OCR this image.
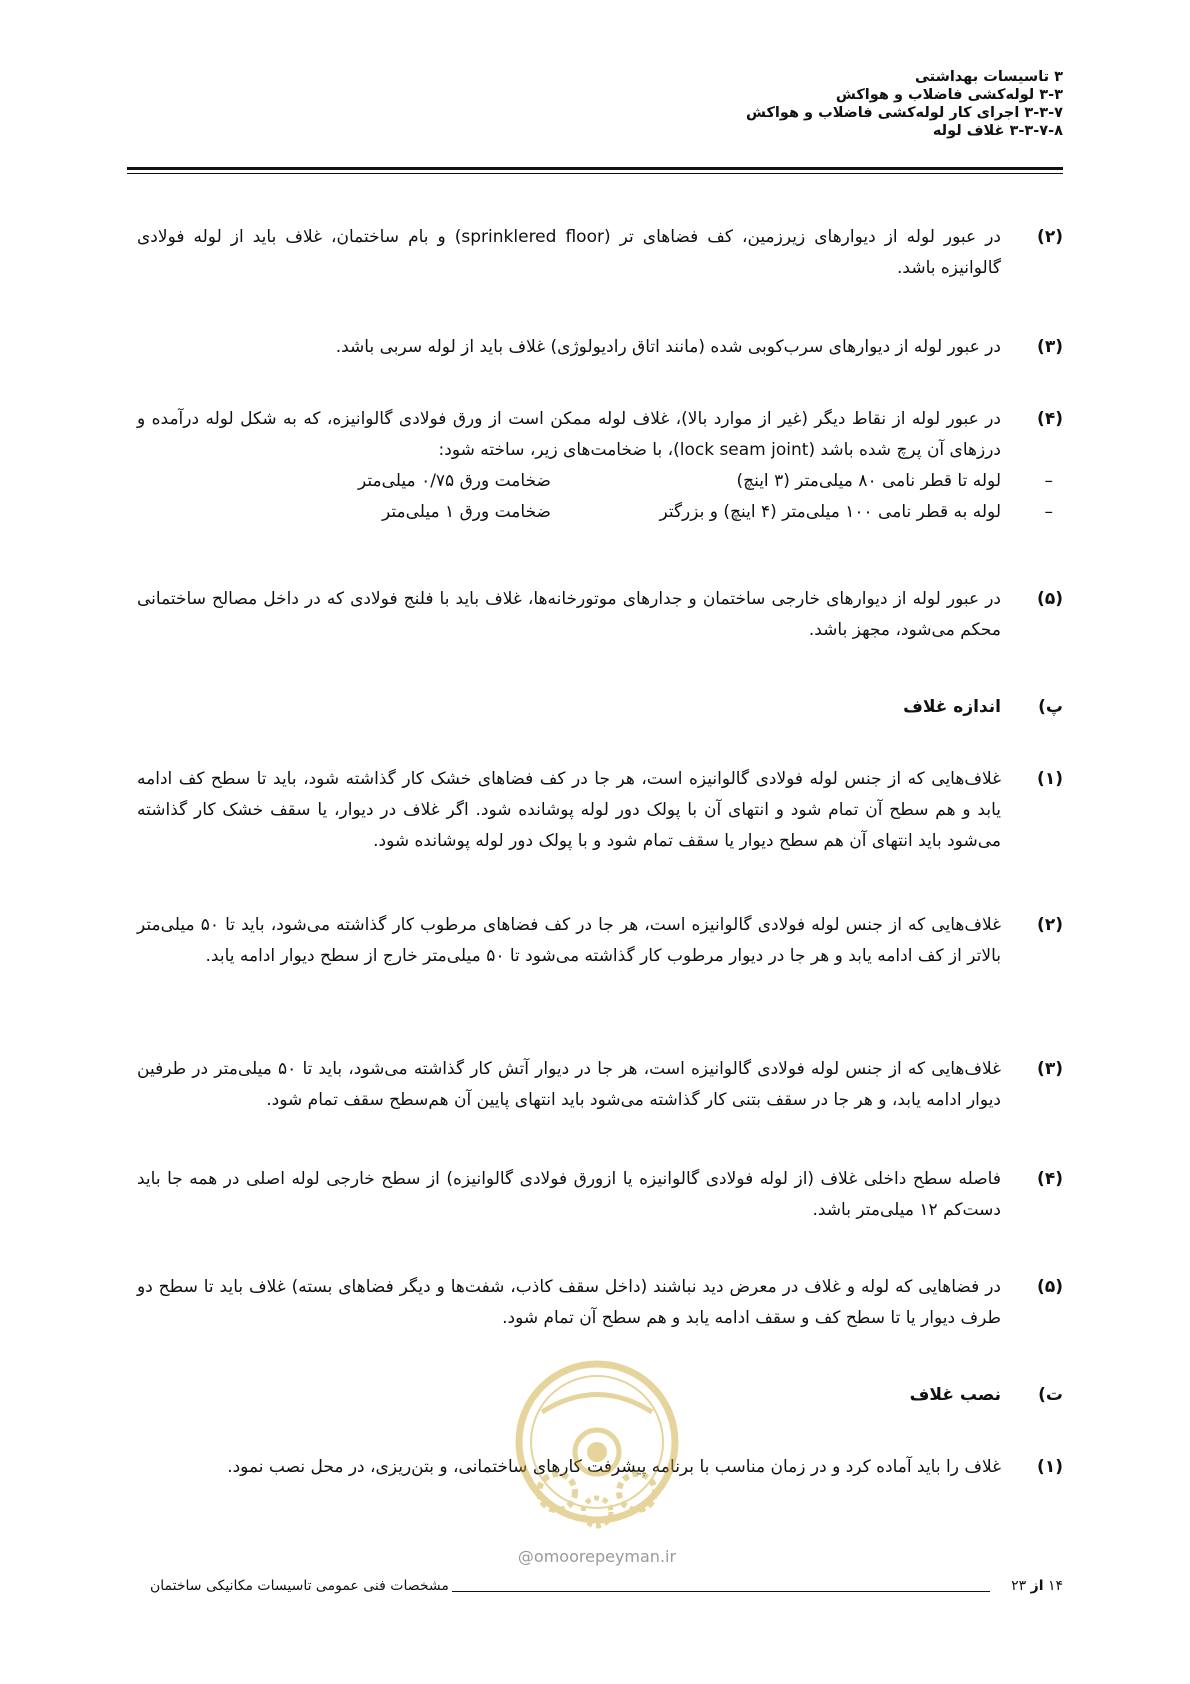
۳ تاسیسات بهداشتی
۳-۳ لوله‌کشی فاضلاب و هواکش
۳-۳-۷ اجرای کار لوله‌کشی فاضلاب و هواکش
۳-۳-۷-۸ غلاف لوله
(۲)
در عبور لوله از دیوارهای زیرزمین، کف فضاهای تر (sprinklered floor) و بام ساختمان، غلاف باید از لوله فولادی گالوانیزه باشد.
(۳)
در عبور لوله از دیوارهای سرب‌کوبی شده (مانند اتاق رادیولوژی) غلاف باید از لوله سربی باشد.
(۴)
در عبور لوله از نقاط دیگر (غیر از موارد بالا)، غلاف لوله ممکن است از ورق فولادی گالوانیزه، که به شکل لوله درآمده و درزهای آن پرچ شده باشد (lock seam joint)، با ضخامت‌های زیر، ساخته شود:
–
لوله تا قطر نامی ۸۰ میلی‌متر (۳ اینچ)
ضخامت ورق ۰/۷۵ میلی‌متر
–
لوله به قطر نامی ۱۰۰ میلی‌متر (۴ اینچ) و بزرگتر
ضخامت ورق ۱ میلی‌متر
(۵)
در عبور لوله از دیوارهای خارجی ساختمان و جدارهای موتورخانه‌ها، غلاف باید با فلنج فولادی که در داخل مصالح ساختمانی محکم می‌شود، مجهز باشد.
پ)
اندازه غلاف
(۱)
غلاف‌هایی که از جنس لوله فولادی گالوانیزه است، هر جا در کف فضاهای خشک کار گذاشته شود، باید تا سطح کف ادامه یابد و هم سطح آن تمام شود و انتهای آن با پولک دور لوله پوشانده شود. اگر غلاف در دیوار، یا سقف خشک کار گذاشته می‌شود باید انتهای آن هم سطح دیوار یا سقف تمام شود و با پولک دور لوله پوشانده شود.
(۲)
غلاف‌هایی که از جنس لوله فولادی گالوانیزه است، هر جا در کف فضاهای مرطوب کار گذاشته می‌شود، باید تا ۵۰ میلی‌متر بالاتر از کف ادامه یابد و هر جا در دیوار مرطوب کار گذاشته می‌شود تا ۵۰ میلی‌متر خارج از سطح دیوار ادامه یابد.
(۳)
غلاف‌هایی که از جنس لوله فولادی گالوانیزه است، هر جا در دیوار آتش کار گذاشته می‌شود، باید تا ۵۰ میلی‌متر در طرفین دیوار ادامه یابد، و هر جا در سقف بتنی کار گذاشته می‌شود باید انتهای پایین آن هم‌سطح سقف تمام شود.
(۴)
فاصله سطح داخلی غلاف (از لوله فولادی گالوانیزه یا ازورق فولادی گالوانیزه) از سطح خارجی لوله اصلی در همه جا باید دست‌کم ۱۲ میلی‌متر باشد.
(۵)
در فضاهایی که لوله و غلاف در معرض دید نباشند (داخل سقف کاذب، شفت‌ها و دیگر فضاهای بسته) غلاف باید تا سطح دو طرف دیوار یا تا سطح کف و سقف ادامه یابد و هم سطح آن تمام شود.
ت)
نصب غلاف
(۱)
غلاف را باید آماده کرد و در زمان مناسب با برنامه پیشرفت کارهای ساختمانی، و بتن‌ریزی، در محل نصب نمود.
@omoorepeyman.ir
مشخصات فنی عمومی تاسیسات مکانیکی ساختمان	۱۴ از ۲۳
